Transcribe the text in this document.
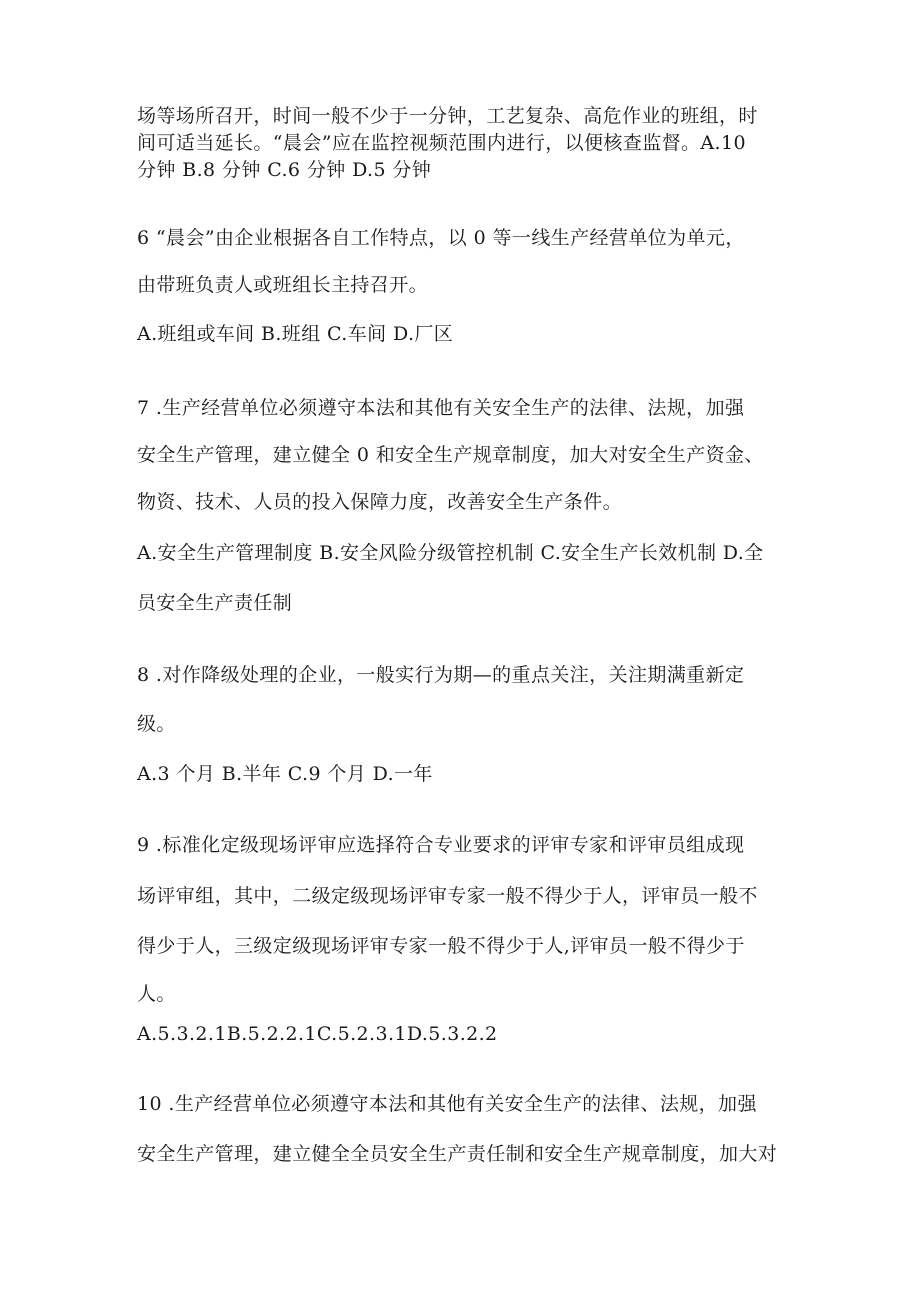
场等场所召开，时间一般不少于一分钟，工艺复杂、高危作业的班组，时
间可适当延长。“晨会”应在监控视频范围内进行，以便核查监督。A.10
分钟 B.8 分钟 C.6 分钟 D.5 分钟
6 “晨会”由企业根据各自工作特点，以 0 等一线生产经营单位为单元，
由带班负责人或班组长主持召开。
A.班组或车间 B.班组 C.车间 D.厂区
7 .生产经营单位必须遵守本法和其他有关安全生产的法律、法规，加强
安全生产管理，建立健全 0 和安全生产规章制度，加大对安全生产资金、
物资、技术、人员的投入保障力度，改善安全生产条件。
A.安全生产管理制度 B.安全风险分级管控机制 C.安全生产长效机制 D.全
员安全生产责任制
8 .对作降级处理的企业，一般实行为期—的重点关注，关注期满重新定
级。
A.3 个月 B.半年 C.9 个月 D.一年
9 .标准化定级现场评审应选择符合专业要求的评审专家和评审员组成现
场评审组，其中，二级定级现场评审专家一般不得少于人，评审员一般不
得少于人，三级定级现场评审专家一般不得少于人,评审员一般不得少于
人。
A.5.3.2.1B.5.2.2.1C.5.2.3.1D.5.3.2.2
10 .生产经营单位必须遵守本法和其他有关安全生产的法律、法规，加强
安全生产管理，建立健全全员安全生产责任制和安全生产规章制度，加大对
